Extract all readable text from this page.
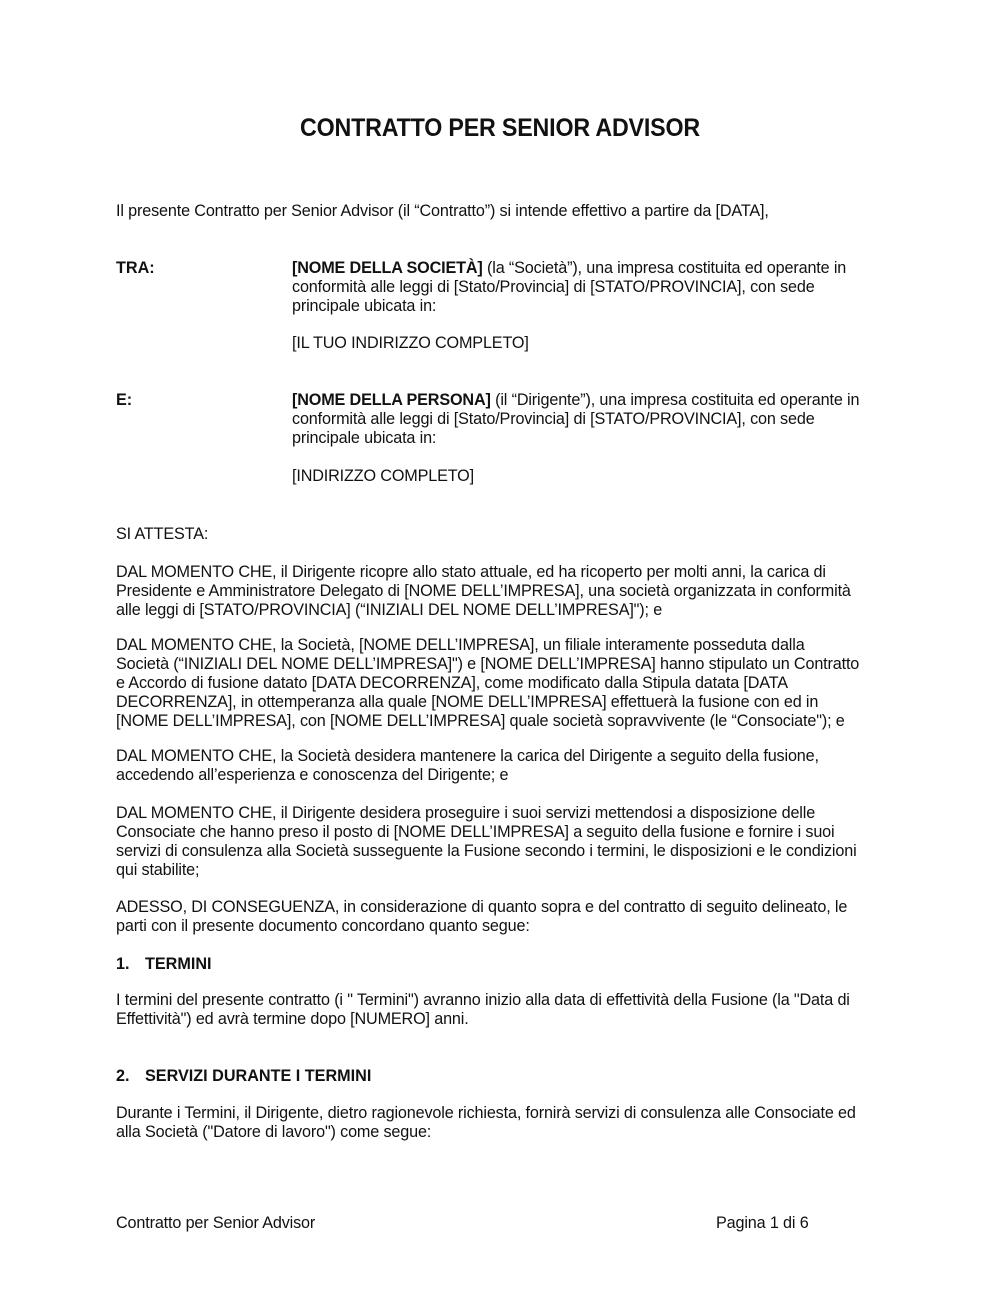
CONTRATTO PER SENIOR ADVISOR
Il presente Contratto per Senior Advisor (il “Contratto”) si intende effettivo a partire da [DATA],
TRA:	[NOME DELLA SOCIETÀ] (la “Società”), una impresa costituita ed operante in
conformità alle leggi di [Stato/Provincia] di [STATO/PROVINCIA], con sede
principale ubicata in:
[IL TUO INDIRIZZO COMPLETO]
E:	[NOME DELLA PERSONA] (il “Dirigente”), una impresa costituita ed operante in
conformità alle leggi di [Stato/Provincia] di [STATO/PROVINCIA], con sede
principale ubicata in:
[INDIRIZZO COMPLETO]
SI ATTESTA:
DAL MOMENTO CHE, il Dirigente ricopre allo stato attuale, ed ha ricoperto per molti anni, la carica di
Presidente e Amministratore Delegato di [NOME DELL’IMPRESA], una società organizzata in conformità
alle leggi di [STATO/PROVINCIA] (“INIZIALI DEL NOME DELL’IMPRESA]"); e
DAL MOMENTO CHE, la Società, [NOME DELL’IMPRESA], un filiale interamente posseduta dalla
Società (“INIZIALI DEL NOME DELL’IMPRESA]") e [NOME DELL’IMPRESA] hanno stipulato un Contratto
e Accordo di fusione datato [DATA DECORRENZA], come modificato dalla Stipula datata [DATA
DECORRENZA], in ottemperanza alla quale [NOME DELL’IMPRESA] effettuerà la fusione con ed in
[NOME DELL’IMPRESA], con [NOME DELL’IMPRESA] quale società sopravvivente (le “Consociate"); e
DAL MOMENTO CHE, la Società desidera mantenere la carica del Dirigente a seguito della fusione,
accedendo all’esperienza e conoscenza del Dirigente; e
DAL MOMENTO CHE, il Dirigente desidera proseguire i suoi servizi mettendosi a disposizione delle
Consociate che hanno preso il posto di [NOME DELL’IMPRESA] a seguito della fusione e fornire i suoi
servizi di consulenza alla Società susseguente la Fusione secondo i termini, le disposizioni e le condizioni
qui stabilite;
ADESSO, DI CONSEGUENZA, in considerazione di quanto sopra e del contratto di seguito delineato, le
parti con il presente documento concordano quanto segue:
1. TERMINI
I termini del presente contratto (i " Termini") avranno inizio alla data di effettività della Fusione (la "Data di
Effettività") ed avrà termine dopo [NUMERO] anni.
2. SERVIZI DURANTE I TERMINI
Durante i Termini, il Dirigente, dietro ragionevole richiesta, fornirà servizi di consulenza alle Consociate ed
alla Società ("Datore di lavoro") come segue:
Contratto per Senior Advisor	Pagina 1 di 6
